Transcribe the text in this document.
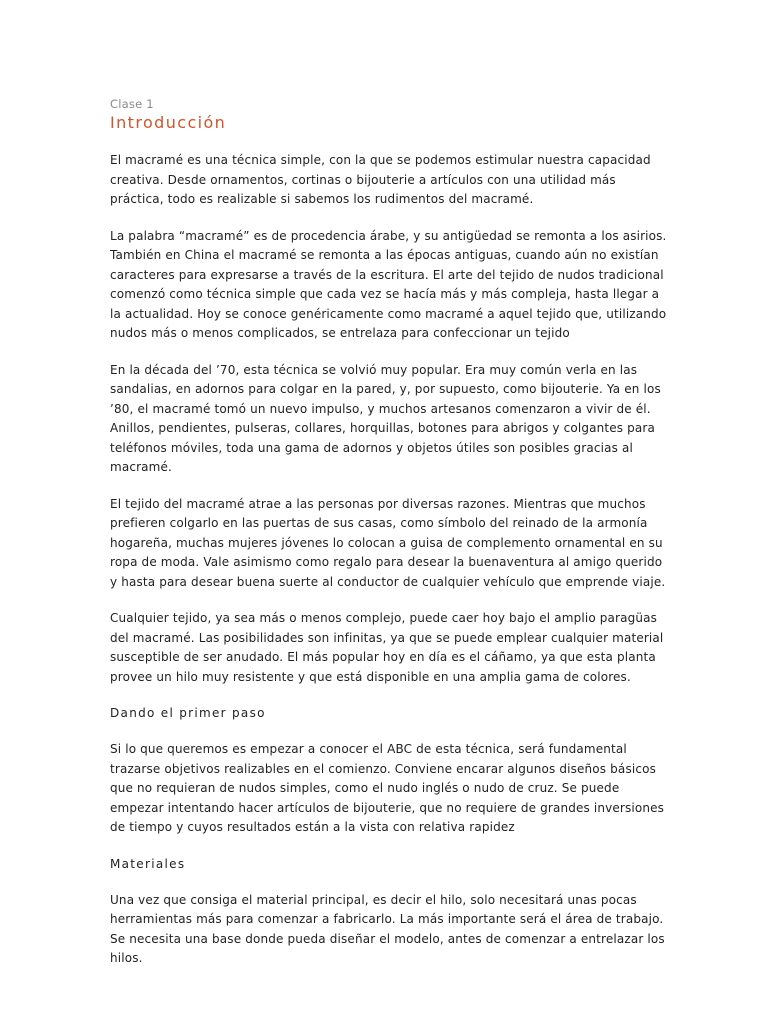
Clase 1

Introducción

El macramé es una técnica simple, con la que se podemos estimular nuestra capacidad creativa. Desde ornamentos, cortinas o bijouterie a artículos con una utilidad más práctica, todo es realizable si sabemos los rudimentos del macramé.

La palabra “macramé” es de procedencia árabe, y su antigüedad se remonta a los asirios. También en China el macramé se remonta a las épocas antiguas, cuando aún no existían caracteres para expresarse a través de la escritura. El arte del tejido de nudos tradicional comenzó como técnica simple que cada vez se hacía más y más compleja, hasta llegar a la actualidad. Hoy se conoce genéricamente como macramé a aquel tejido que, utilizando nudos más o menos complicados, se entrelaza para confeccionar un tejido

En la década del ’70, esta técnica se volvió muy popular. Era muy común verla en las sandalias, en adornos para colgar en la pared, y, por supuesto, como bijouterie. Ya en los ’80, el macramé tomó un nuevo impulso, y muchos artesanos comenzaron a vivir de él. Anillos, pendientes, pulseras, collares, horquillas, botones para abrigos y colgantes para teléfonos móviles, toda una gama de adornos y objetos útiles son posibles gracias al macramé.

El tejido del macramé atrae a las personas por diversas razones. Mientras que muchos prefieren colgarlo en las puertas de sus casas, como símbolo del reinado de la armonía hogareña, muchas mujeres jóvenes lo colocan a guisa de complemento ornamental en su ropa de moda. Vale asimismo como regalo para desear la buenaventura al amigo querido y hasta para desear buena suerte al conductor de cualquier vehículo que emprende viaje.

Cualquier tejido, ya sea más o menos complejo, puede caer hoy bajo el amplio paragüas del macramé. Las posibilidades son infinitas, ya que se puede emplear cualquier material susceptible de ser anudado. El más popular hoy en día es el cáñamo, ya que esta planta provee un hilo muy resistente y que está disponible en una amplia gama de colores.

Dando el primer paso

Si lo que queremos es empezar a conocer el ABC de esta técnica, será fundamental trazarse objetivos realizables en el comienzo. Conviene encarar algunos diseños básicos que no requieran de nudos simples, como el nudo inglés o nudo de cruz. Se puede empezar intentando hacer artículos de bijouterie, que no requiere de grandes inversiones de tiempo y cuyos resultados están a la vista con relativa rapidez

Materiales

Una vez que consiga el material principal, es decir el hilo, solo necesitará unas pocas herramientas más para comenzar a fabricarlo. La más importante será el área de trabajo. Se necesita una base donde pueda diseñar el modelo, antes de comenzar a entrelazar los hilos.
